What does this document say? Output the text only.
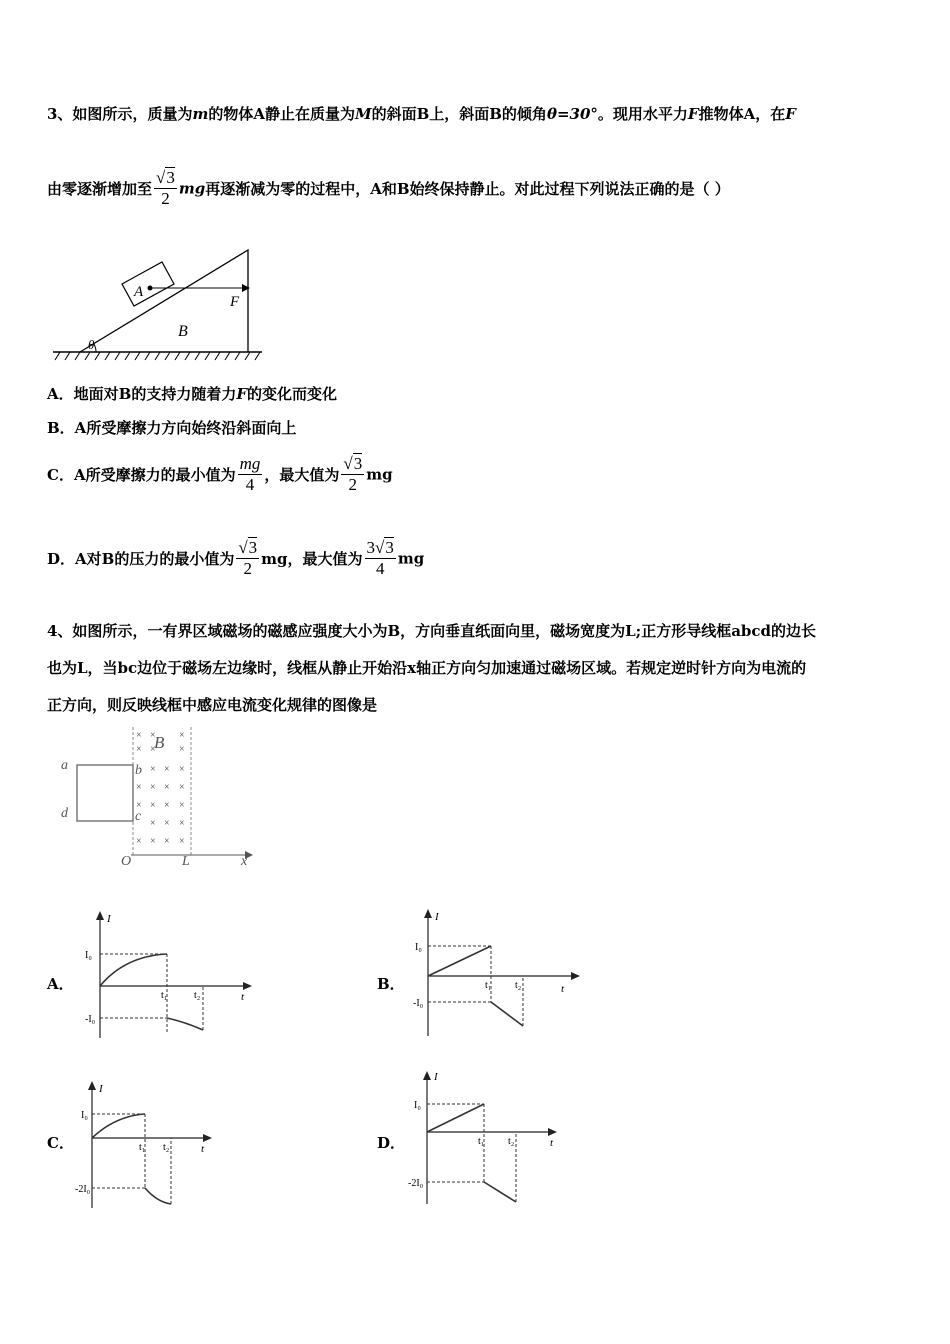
3、如图所示，质量为m的物体A静止在质量为M的斜面B上，斜面B的倾角θ=30°。现用水平力F推物体A，在F
由零逐渐增加至 $\frac{√3}{2}$ mg再逐渐减为零的过程中，A和B始终保持静止。对此过程下列说法正确的是（ ）
θ
A
F
B
A．地面对B的支持力随着力F的变化而变化
B．A所受摩擦力方向始终沿斜面向上
C．A所受摩擦力的最小值为 $\frac{mg}{4}$ ，最大值为 $\frac{√3}{2}$ mg
D．A对B的压力的最小值为 $\frac{√3}{2}$ mg，最大值为 $\frac{3√3}{4}$ mg
4、如图所示，一有界区域磁场的磁感应强度大小为B，方向垂直纸面向里，磁场宽度为L;正方形导线框abcd的边长
也为L，当bc边位于磁场左边缘时，线框从静止开始沿x轴正方向匀加速通过磁场区域。若规定逆时针方向为电流的
正方向，则反映线框中感应电流变化规律的图像是
× × ×
× × ×
× × ×
× × × ×
× × × ×
× × ×
× × × ×
B
a	b
c
d
O	L	x
A．
I
I₀
-I₀
t₁	t₂	t
B．
I
I₀
-I₀
t₁ t₂	t
C．
I
I₀
-2I₀
t₁ t₂	t	D．
I
I₀
-2I₀
t₁ t₂	t
